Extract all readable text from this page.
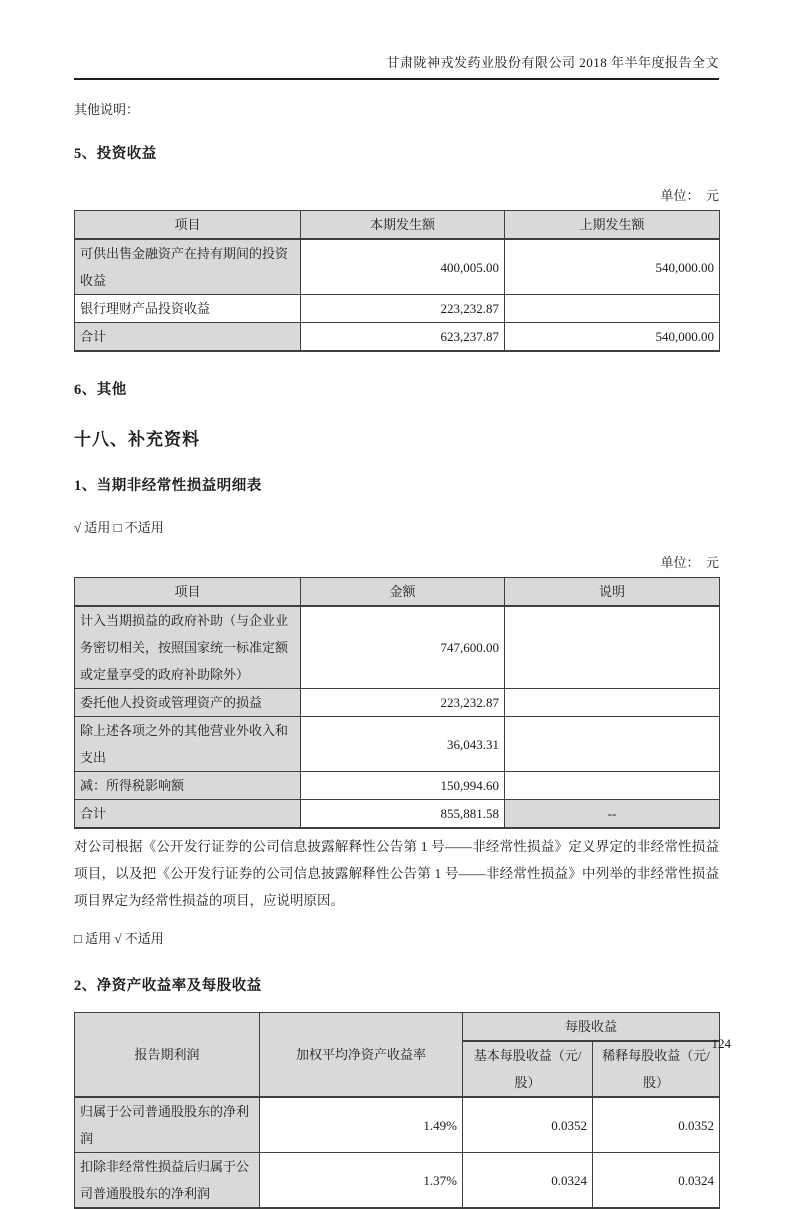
甘肃陇神戎发药业股份有限公司 2018 年半年度报告全文
其他说明：
5、投资收益
单位：　元
项目	本期发生额	上期发生额
可供出售金融资产在持有期间的投资收益	400,005.00	540,000.00
银行理财产品投资收益	223,232.87	
合计	623,237.87	540,000.00
6、其他
十八、补充资料
1、当期非经常性损益明细表
√ 适用 □ 不适用
单位：　元
项目	金额	说明
计入当期损益的政府补助（与企业业务密切相关，按照国家统一标准定额或定量享受的政府补助除外）	747,600.00	
委托他人投资或管理资产的损益	223,232.87	
除上述各项之外的其他营业外收入和支出	36,043.31	
减：所得税影响额	150,994.60	
合计	855,881.58	--

对公司根据《公开发行证券的公司信息披露解释性公告第 1 号——非经常性损益》定义界定的非经常性损益项目，以及把《公开发行证券的公司信息披露解释性公告第 1 号——非经常性损益》中列举的非经常性损益项目界定为经常性损益的项目，应说明原因。

□ 适用 √ 不适用
2、净资产收益率及每股收益
报告期利润	加权平均净资产收益率	每股收益	
		基本每股收益（元/股）	稀释每股收益（元/股）
归属于公司普通股股东的净利润	1.49%	0.0352	0.0352
扣除非经常性损益后归属于公司普通股股东的净利润	1.37%	0.0324	0.0324
124
